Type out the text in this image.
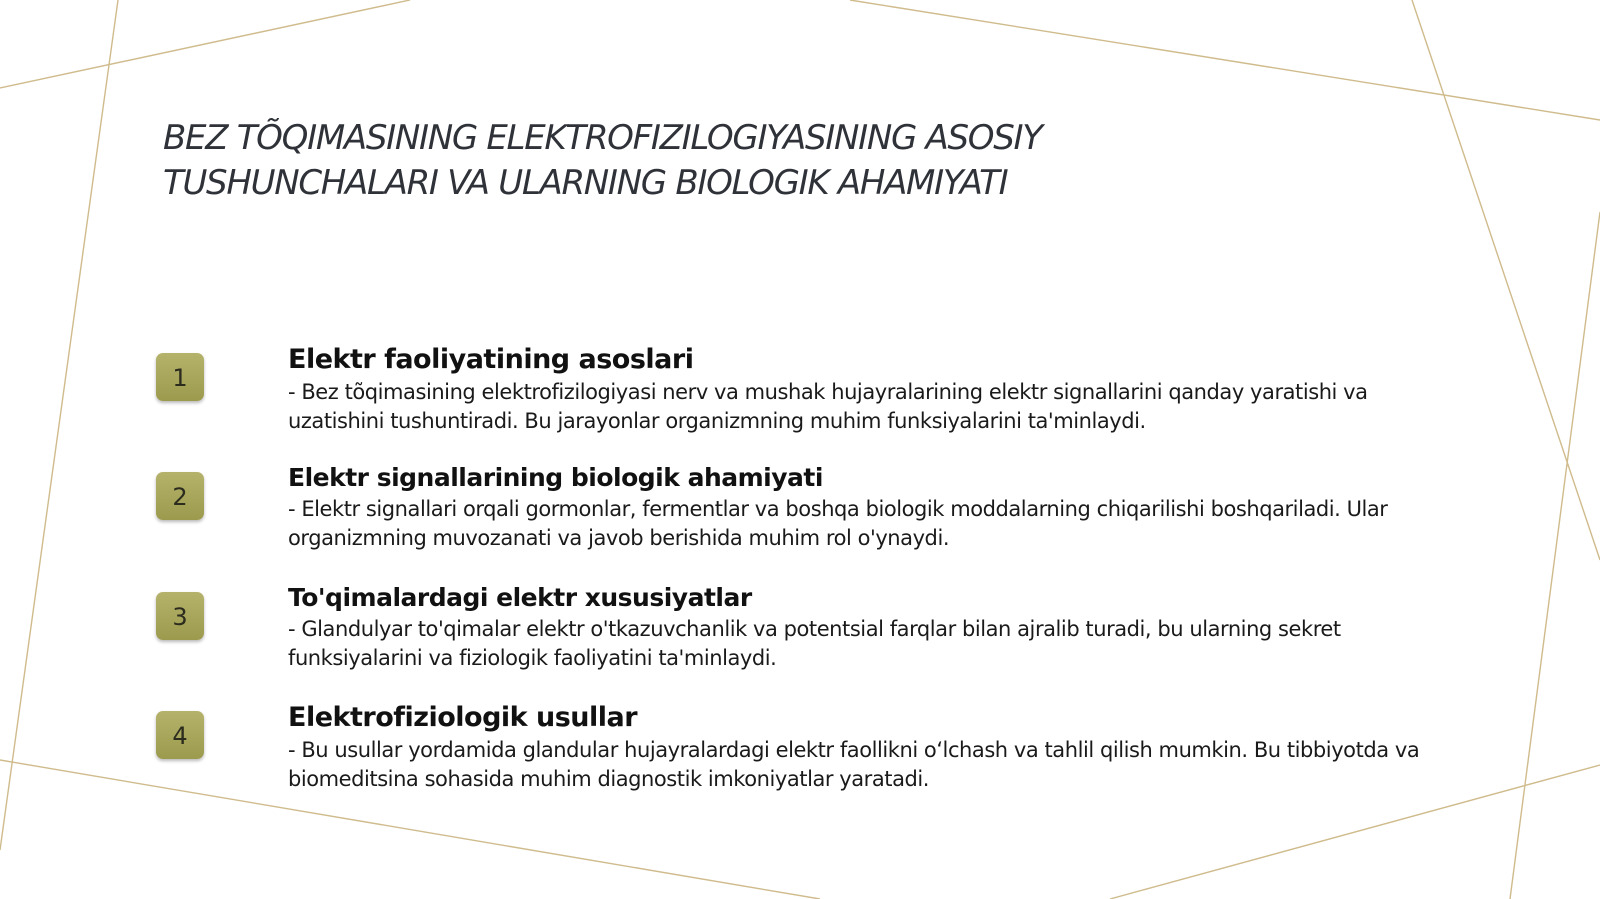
BEZ TÕQIMASINING ELEKTROFIZILOGIYASINING ASOSIY
TUSHUNCHALARI VA ULARNING BIOLOGIK AHAMIYATI
1
Elektr faoliyatining asoslari
- Bez tõqimasining elektrofizilogiyasi nerv va mushak hujayralarining elektr signallarini qanday yaratishi va uzatishini tushuntiradi. Bu jarayonlar organizmning muhim funksiyalarini ta'minlaydi.
2
Elektr signallarining biologik ahamiyati
- Elektr signallari orqali gormonlar, fermentlar va boshqa biologik moddalarning chiqarilishi boshqariladi. Ular organizmning muvozanati va javob berishida muhim rol o'ynaydi.
3
To'qimalardagi elektr xususiyatlar
- Glandulyar to'qimalar elektr o'tkazuvchanlik va potentsial farqlar bilan ajralib turadi, bu ularning sekret funksiyalarini va fiziologik faoliyatini ta'minlaydi.
4
Elektrofiziologik usullar
- Bu usullar yordamida glandular hujayralardagi elektr faollikni oʻlchash va tahlil qilish mumkin. Bu tibbiyotda va biomeditsina sohasida muhim diagnostik imkoniyatlar yaratadi.
